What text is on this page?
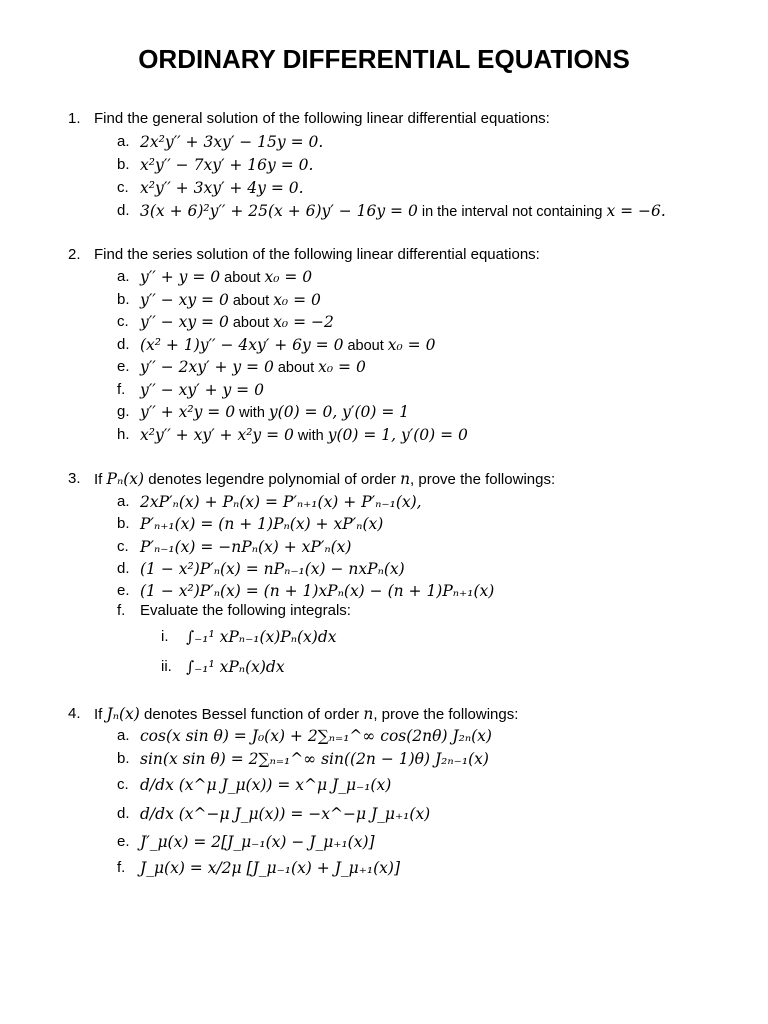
ORDINARY DIFFERENTIAL EQUATIONS
1. Find the general solution of the following linear differential equations:
a. 2x²y′′ + 3xy′ − 15y = 0.
b. x²y′′ − 7xy′ + 16y = 0.
c. x²y′′ + 3xy′ + 4y = 0.
d. 3(x + 6)²y′′ + 25(x + 6)y′ − 16y = 0 in the interval not containing x = −6.
2. Find the series solution of the following linear differential equations:
a. y′′ + y = 0 about x₀ = 0
b. y′′ − xy = 0 about x₀ = 0
c. y′′ − xy = 0 about x₀ = −2
d. (x² + 1)y′′ − 4xy′ + 6y = 0 about x₀ = 0
e. y′′ − 2xy′ + y = 0 about x₀ = 0
f. y′′ − xy′ + y = 0
g. y′′ + x²y = 0 with y(0) = 0, y′(0) = 1
h. x²y′′ + xy′ + x²y = 0 with y(0) = 1, y′(0) = 0
3. If Pₙ(x) denotes legendre polynomial of order n, prove the followings:
a. 2xP′ₙ(x) + Pₙ(x) = P′ₙ₊₁(x) + P′ₙ₋₁(x),
b. P′ₙ₊₁(x) = (n + 1)Pₙ(x) + xP′ₙ(x)
c. P′ₙ₋₁(x) = −nPₙ(x) + xP′ₙ(x)
d. (1 − x²)P′ₙ(x) = nPₙ₋₁(x) − nxPₙ(x)
e. (1 − x²)P′ₙ(x) = (n + 1)xPₙ(x) − (n + 1)Pₙ₊₁(x)
f. Evaluate the following integrals:
i. ∫₋₁¹ xPₙ₋₁(x)Pₙ(x)dx
ii. ∫₋₁¹ xPₙ(x)dx
4. If Jₙ(x) denotes Bessel function of order n, prove the followings:
a. cos(x sin θ) = J₀(x) + 2∑ₙ₌₁^∞ cos(2nθ) J₂ₙ(x)
b. sin(x sin θ) = 2∑ₙ₌₁^∞ sin((2n − 1)θ) J₂ₙ₋₁(x)
c. d/dx (x^μ J_μ(x)) = x^μ J_μ₋₁(x)
d. d/dx (x^−μ J_μ(x)) = −x^−μ J_μ₊₁(x)
e. J′_μ(x) = 2[J_μ₋₁(x) − J_μ₊₁(x)]
f. J_μ(x) = x/2μ [J_μ₋₁(x) + J_μ₊₁(x)]
